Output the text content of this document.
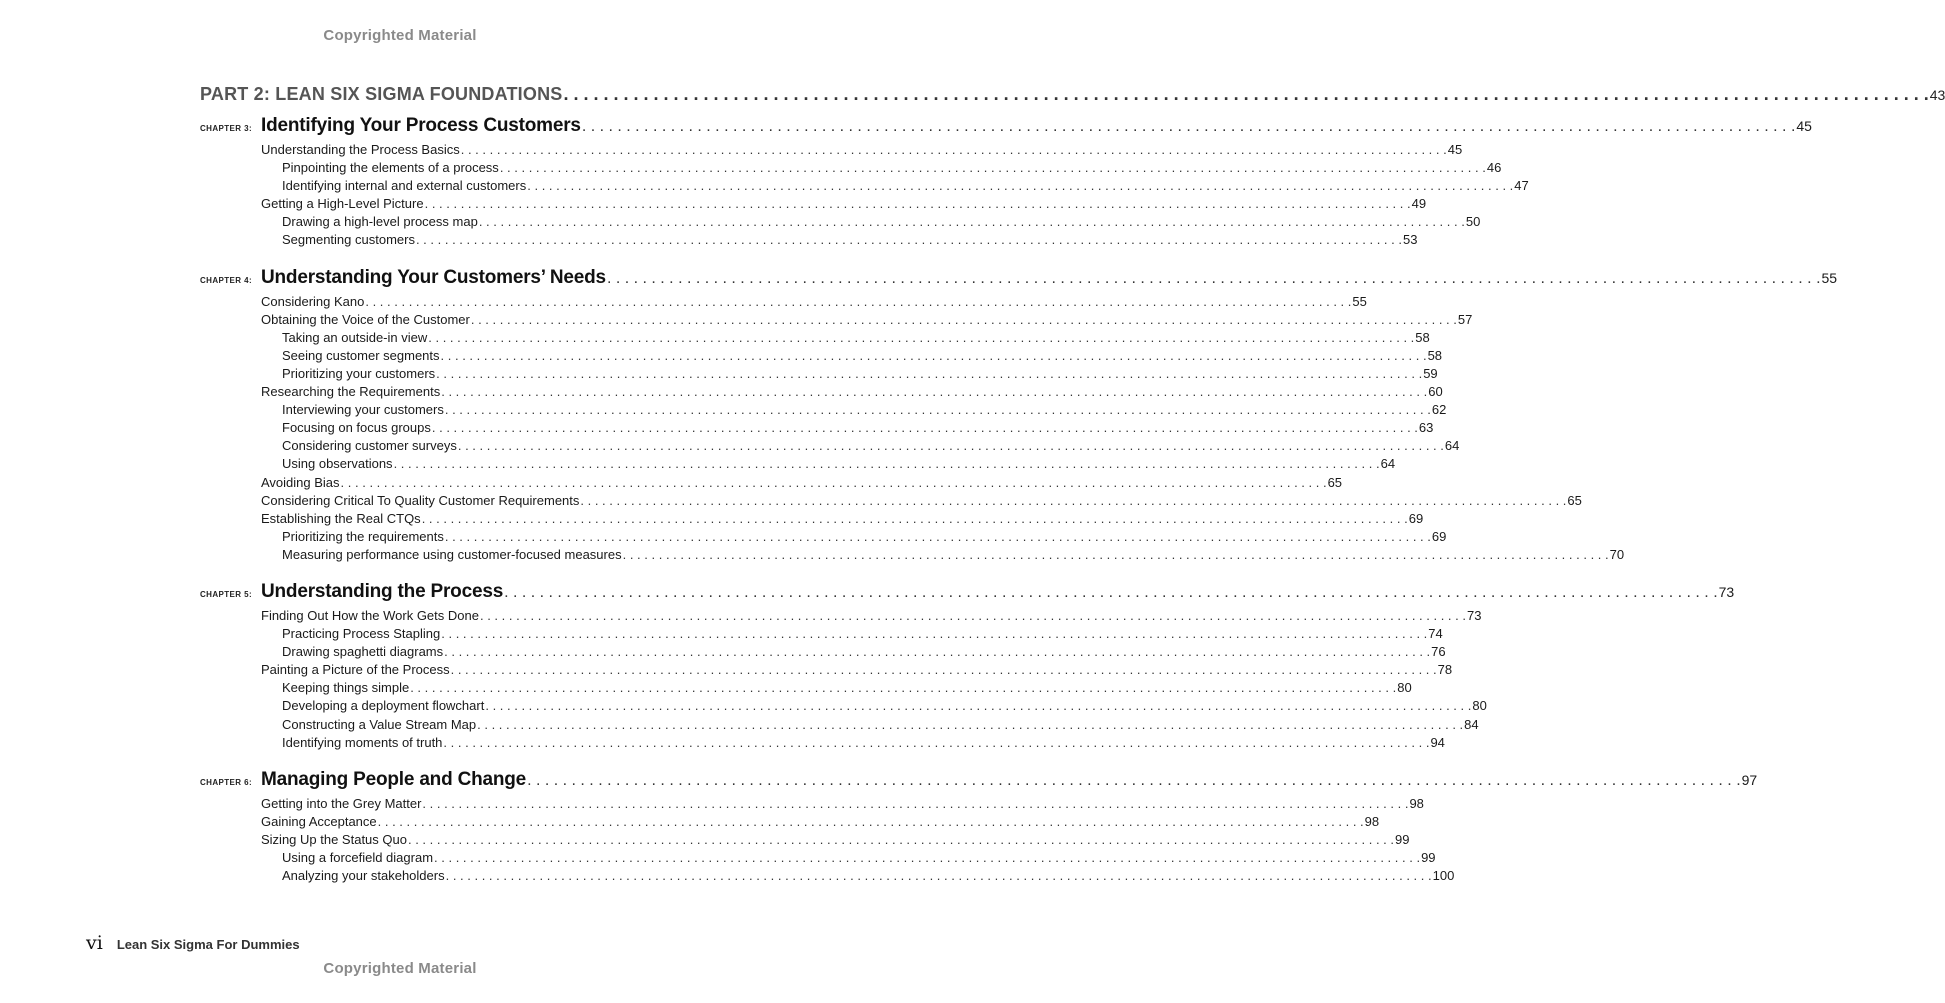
Copyrighted Material
PART 2: LEAN SIX SIGMA FOUNDATIONS . . .	43
CHAPTER 3: Identifying Your Process Customers . . .	45
Understanding the Process Basics . . .	45
Pinpointing the elements of a process . . .	46
Identifying internal and external customers . . .	47
Getting a High-Level Picture . . .	49
Drawing a high-level process map . . .	50
Segmenting customers . . .	53
CHAPTER 4: Understanding Your Customers’ Needs . . .	55
Considering Kano . . .	55
Obtaining the Voice of the Customer . . .	57
Taking an outside-in view . . .	58
Seeing customer segments . . .	58
Prioritizing your customers . . .	59
Researching the Requirements . . .	60
Interviewing your customers . . .	62
Focusing on focus groups . . .	63
Considering customer surveys . . .	64
Using observations . . .	64
Avoiding Bias . . .	65
Considering Critical To Quality Customer Requirements . . .	65
Establishing the Real CTQs . . .	69
Prioritizing the requirements . . .	69
Measuring performance using customer-focused measures . . .	70
CHAPTER 5: Understanding the Process . . .	73
Finding Out How the Work Gets Done . . .	73
Practicing Process Stapling . . .	74
Drawing spaghetti diagrams . . .	76
Painting a Picture of the Process . . .	78
Keeping things simple . . .	80
Developing a deployment flowchart . . .	80
Constructing a Value Stream Map . . .	84
Identifying moments of truth . . .	94
CHAPTER 6: Managing People and Change . . .	97
Getting into the Grey Matter . . .	98
Gaining Acceptance . . .	98
Sizing Up the Status Quo . . .	99
Using a forcefield diagram . . .	99
Analyzing your stakeholders . . .	100
vi Lean Six Sigma For Dummies
Copyrighted Material
